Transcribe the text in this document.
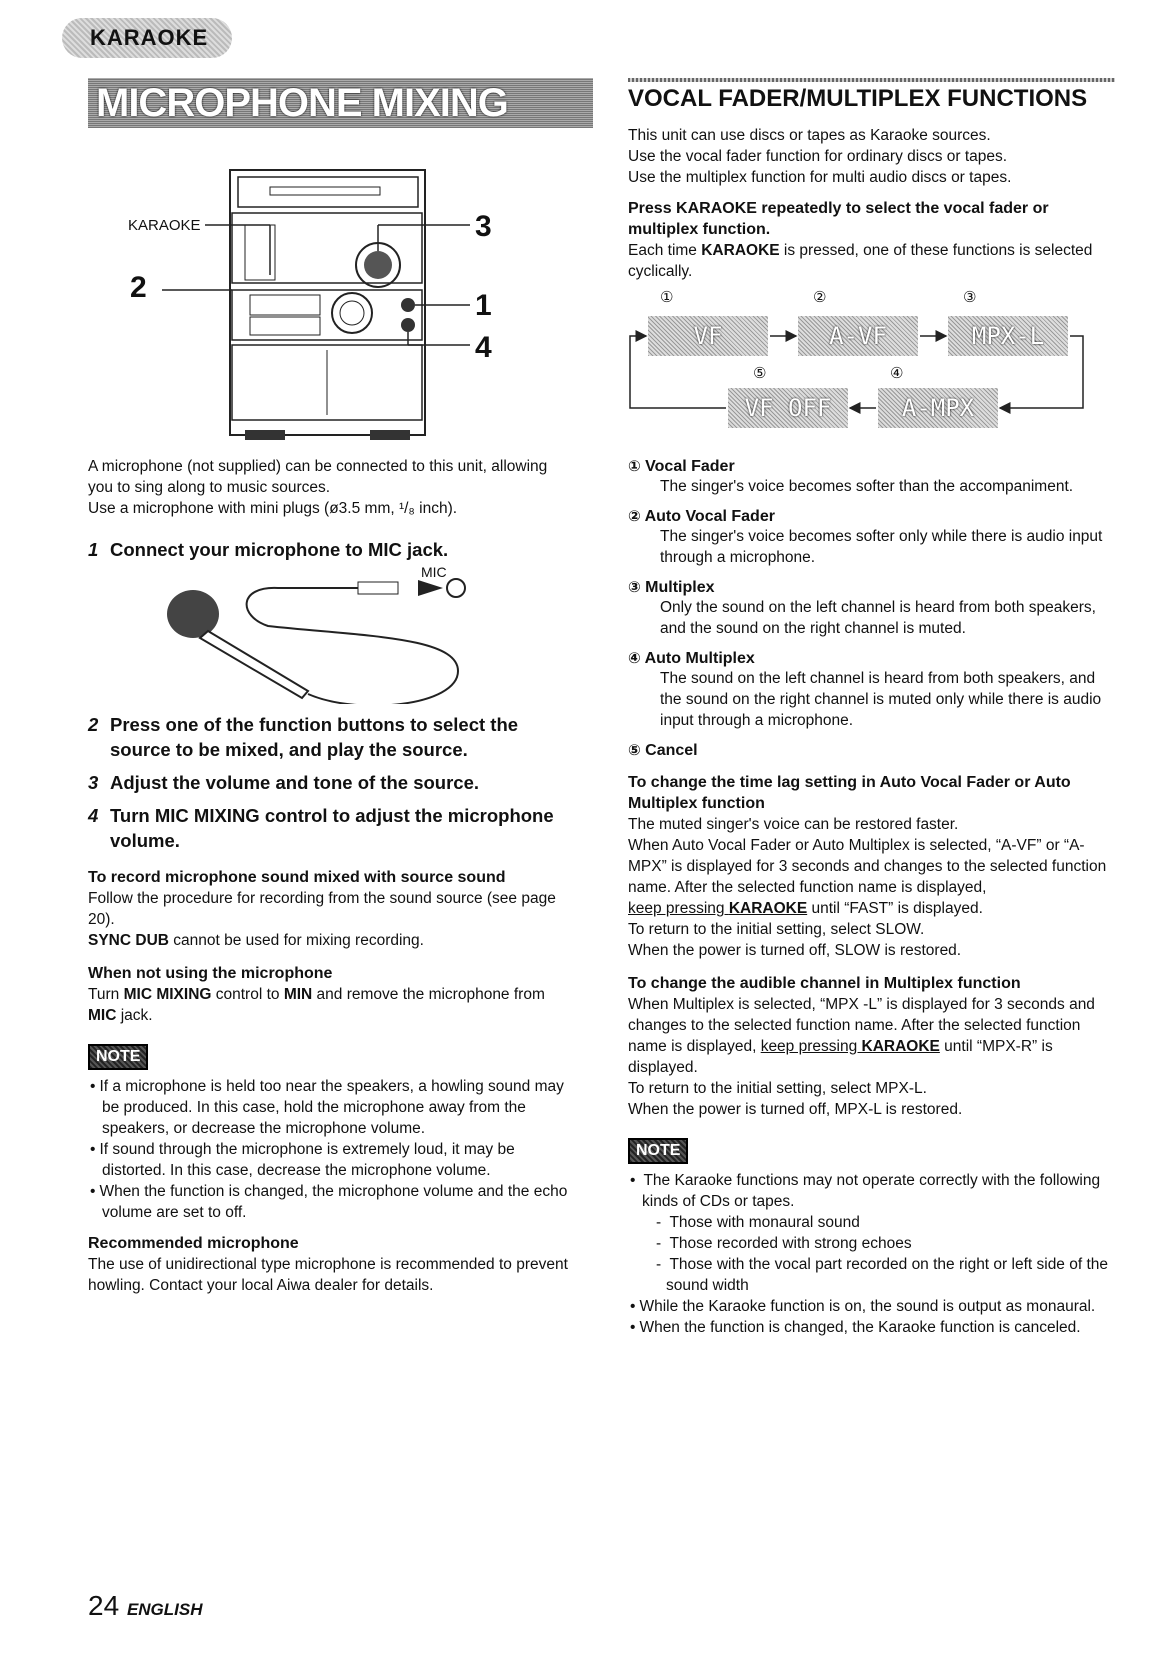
KARAOKE
MICROPHONE MIXING	VOCAL FADER/MULTIPLEX FUNCTIONS
KARAOKE
2
3
1
4

A microphone (not supplied) can be connected to this unit, allowing you to sing along to music sources.

Use a microphone with mini plugs (ø3.5 mm, ¹/₈ inch).

1 Connect your microphone to MIC jack.

MIC

2 Press one of the function buttons to select the source to be mixed, and play the source.

3 Adjust the volume and tone of the source.

4 Turn MIC MIXING control to adjust the microphone volume.

To record microphone sound mixed with source sound

Follow the procedure for recording from the sound source (see page 20).

SYNC DUB cannot be used for mixing recording.

When not using the microphone

Turn MIC MIXING control to MIN and remove the microphone from MIC jack.

NOTE
• If a microphone is held too near the speakers, a howling sound may be produced. In this case, hold the microphone away from the speakers, or decrease the microphone volume.
• If sound through the microphone is extremely loud, it may be distorted. In this case, decrease the microphone volume.
• When the function is changed, the microphone volume and the echo volume are set to off.

Recommended microphone

The use of unidirectional type microphone is recommended to prevent howling. Contact your local Aiwa dealer for details.

This unit can use discs or tapes as Karaoke sources.

Use the vocal fader function for ordinary discs or tapes.

Use the multiplex function for multi audio discs or tapes.

Press KARAOKE repeatedly to select the vocal fader or multiplex function.

Each time KARAOKE is pressed, one of these functions is selected cyclically.

①	②	③
VF	A-VF	MPX-L
⑤	④
VF OFF	A-MPX

① Vocal Fader

The singer's voice becomes softer than the accompaniment.

② Auto Vocal Fader

The singer's voice becomes softer only while there is audio input through a microphone.

③ Multiplex

Only the sound on the left channel is heard from both speakers, and the sound on the right channel is muted.

④ Auto Multiplex

The sound on the left channel is heard from both speakers, and the sound on the right channel is muted only while there is audio input through a microphone.

⑤ Cancel

To change the time lag setting in Auto Vocal Fader or Auto Multiplex function

The muted singer's voice can be restored faster.

When Auto Vocal Fader or Auto Multiplex is selected, “A-VF” or “A-MPX” is displayed for 3 seconds and changes to the selected function name. After the selected function name is displayed,

keep pressing KARAOKE until “FAST” is displayed.

To return to the initial setting, select SLOW.

When the power is turned off, SLOW is restored.

To change the audible channel in Multiplex function

When Multiplex is selected, “MPX -L” is displayed for 3 seconds and changes to the selected function name. After the selected function name is displayed, keep pressing KARAOKE until “MPX-R” is displayed.

To return to the initial setting, select MPX-L.

When the power is turned off, MPX-L is restored.

NOTE
• The Karaoke functions may not operate correctly with the following kinds of CDs or tapes.
- Those with monaural sound
- Those recorded with strong echoes
- Those with the vocal part recorded on the right or left side of the sound width
• While the Karaoke function is on, the sound is output as monaural.
• When the function is changed, the Karaoke function is canceled.
24 ENGLISH
